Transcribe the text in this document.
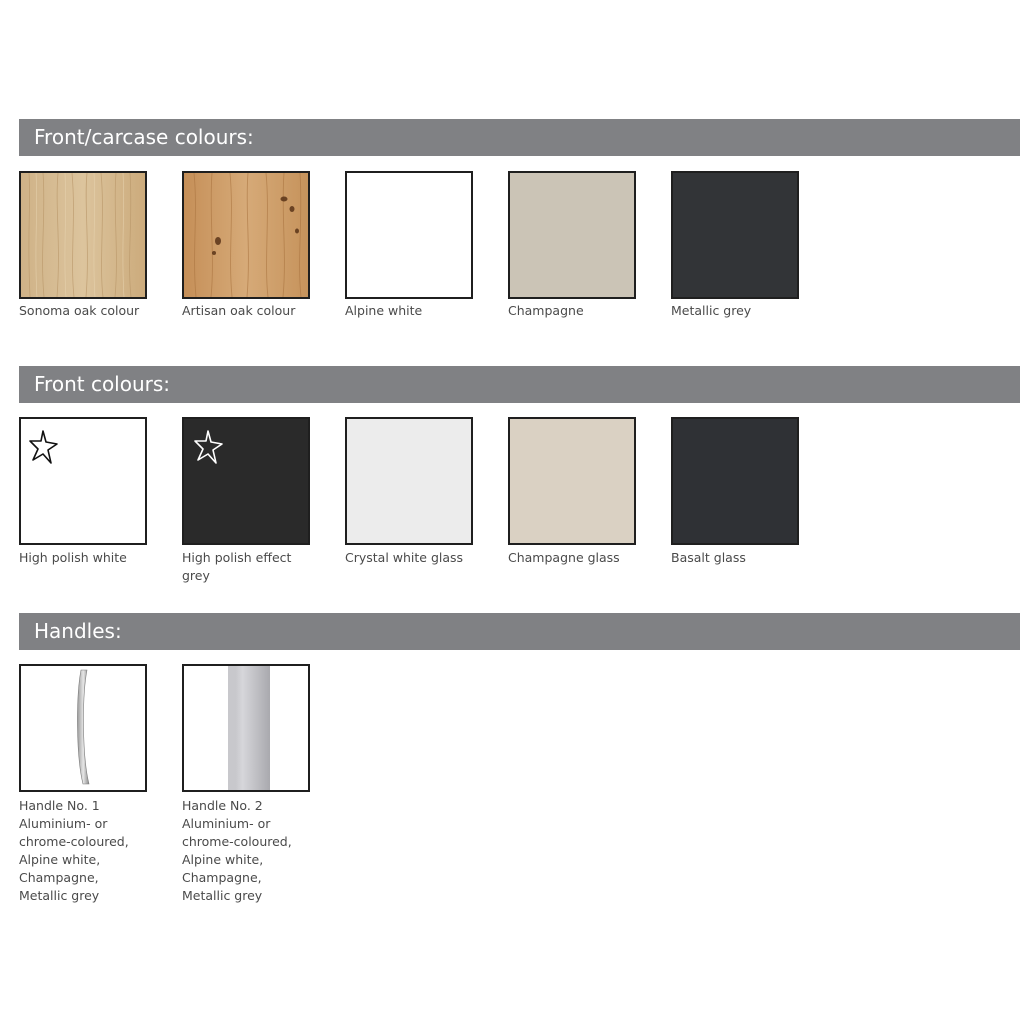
Front/carcase colours:
Sonoma oak colour	Artisan oak colour	Alpine white	Champagne	Metallic grey
Front colours:
High polish white	High polish effect
grey
Crystal white glass	Champagne glass	Basalt glass
Handles:
Handle No. 1
Aluminium- or
chrome-coloured,
Alpine white,
Champagne,
Metallic grey
Handle No. 2
Aluminium- or
chrome-coloured,
Alpine white,
Champagne,
Metallic grey
